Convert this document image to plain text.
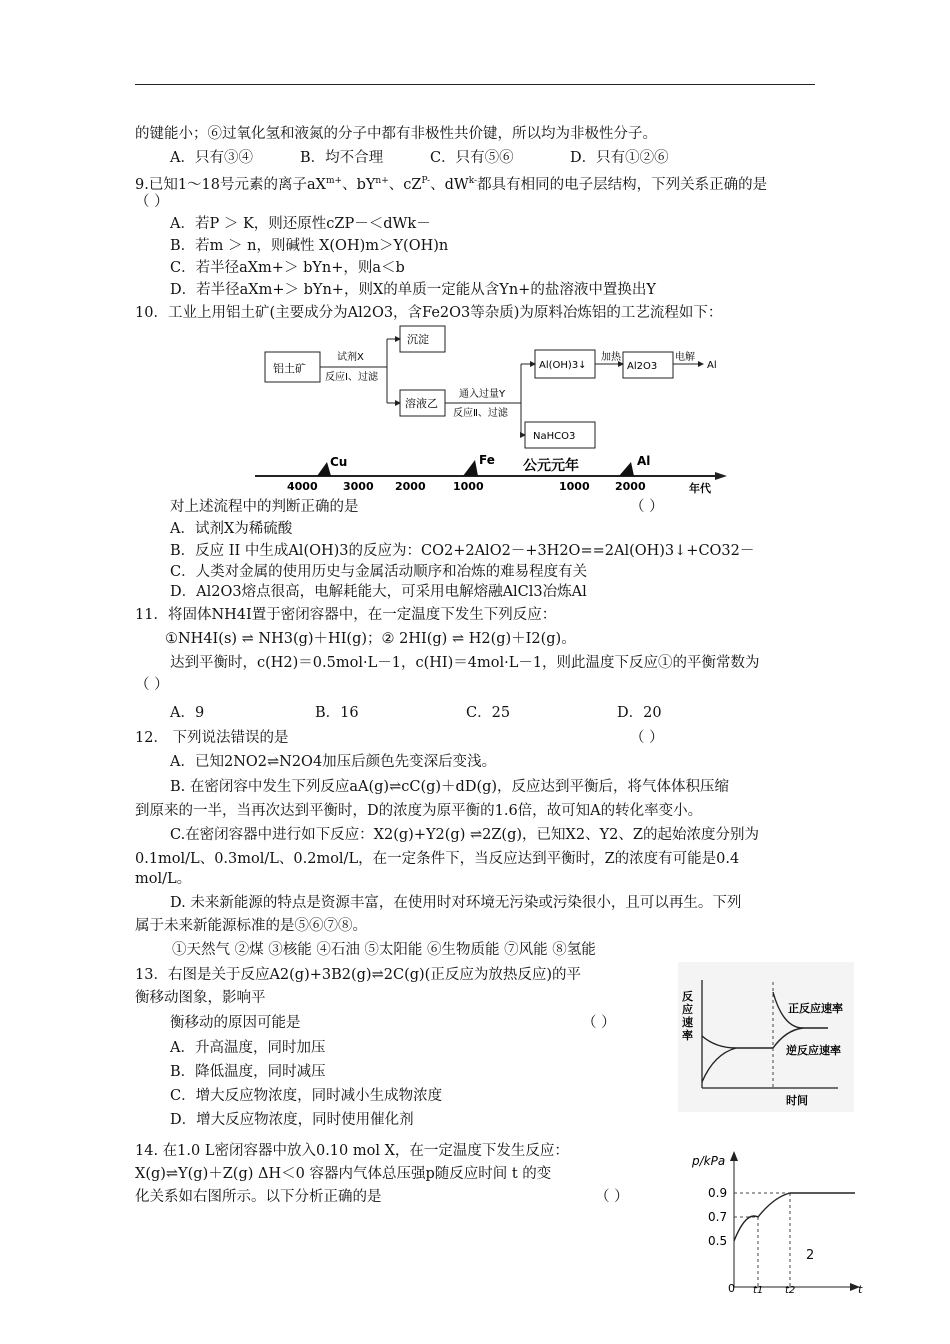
的键能小；⑥过氧化氢和液氮的分子中都有非极性共价键，所以均为非极性分子。
A．只有③④	B．均不合理	C．只有⑤⑥	D．只有①②⑥
9.已知1～18号元素的离子$aX^{m+}$、$bY^{n+}$、$cZ^{P-}$、$dW^{k-}$都具有相同的电子层结构，下列关系正确的是
（ ）
A．若P ＞ K，则还原性cZP－＜dWk－
B．若m ＞ n，则碱性 X(OH)m＞Y(OH)n
C．若半径aXm+＞ bYn+，则a＜b
D．若半径aXm+＞ bYn+，则X的单质一定能从含Yn+的盐溶液中置换出Y
10．工业上用铝土矿(主要成分为Al2O3，含Fe2O3等杂质)为原料冶炼铝的工艺流程如下：
铝土矿
试剂X
反应Ⅰ、过滤
沉淀
溶液乙
通入过量Y
反应Ⅱ、过滤
Al(OH)3↓
加热
Al2O3
电解
Al
NaHCO3
Cu	Fe	Al
公元元年
4000 3000 2000 1000	1000 2000	年代
对上述流程中的判断正确的是	（ ）
A．试剂X为稀硫酸
B．反应 II 中生成Al(OH)3的反应为：CO2+2AlO2－+3H2O==2Al(OH)3↓+CO32－
C．人类对金属的使用历史与金属活动顺序和冶炼的难易程度有关
D．Al2O3熔点很高，电解耗能大，可采用电解熔融AlCl3冶炼Al
11．将固体NH4I置于密闭容器中，在一定温度下发生下列反应：
①NH4I(s) ⇌ NH3(g)＋HI(g)；② 2HI(g) ⇌ H2(g)＋I2(g)。
达到平衡时，c(H2)＝0.5mol·L－1，c(HI)＝4mol·L－1，则此温度下反应①的平衡常数为
（ ）
A．9	B．16	C．25	D．20
12． 下列说法错误的是	（ ）
A．已知2NO2⇌N2O4加压后颜色先变深后变浅。
B. 在密闭容中发生下列反应aA(g)⇌cC(g)＋dD(g)，反应达到平衡后，将气体体积压缩
到原来的一半，当再次达到平衡时，D的浓度为原平衡的1.6倍，故可知A的转化率变小。
C.在密闭容器中进行如下反应：X2(g)+Y2(g) ⇌2Z(g)，已知X2、Y2、Z的起始浓度分别为
0.1mol/L、0.3mol/L、0.2mol/L，在一定条件下，当反应达到平衡时，Z的浓度有可能是0.4
mol/L。
D. 未来新能源的特点是资源丰富，在使用时对环境无污染或污染很小，且可以再生。下列
属于未来新能源标准的是⑤⑥⑦⑧。
①天然气 ②煤 ③核能 ④石油 ⑤太阳能 ⑥生物质能 ⑦风能 ⑧氢能
13．右图是关于反应A2(g)+3B2(g)⇌2C(g)(正反应为放热反应)的平
衡移动图象，影响平
衡移动的原因可能是	（ ）
A．升高温度，同时加压
B．降低温度，同时减压
C．增大反应物浓度，同时减小生成物浓度
D．增大反应物浓度，同时使用催化剂
反 应 速 率
正反应速率
逆反应速率
时间
14. 在1.0 L密闭容器中放入0.10 mol X，在一定温度下发生反应：
X(g)⇌Y(g)＋Z(g) ΔH＜0 容器内气体总压强p随反应时间 t 的变
化关系如右图所示。以下分析正确的是	（ ）
p/kPa
0.9
0.7
0.5
0 t1 t2	t
2
